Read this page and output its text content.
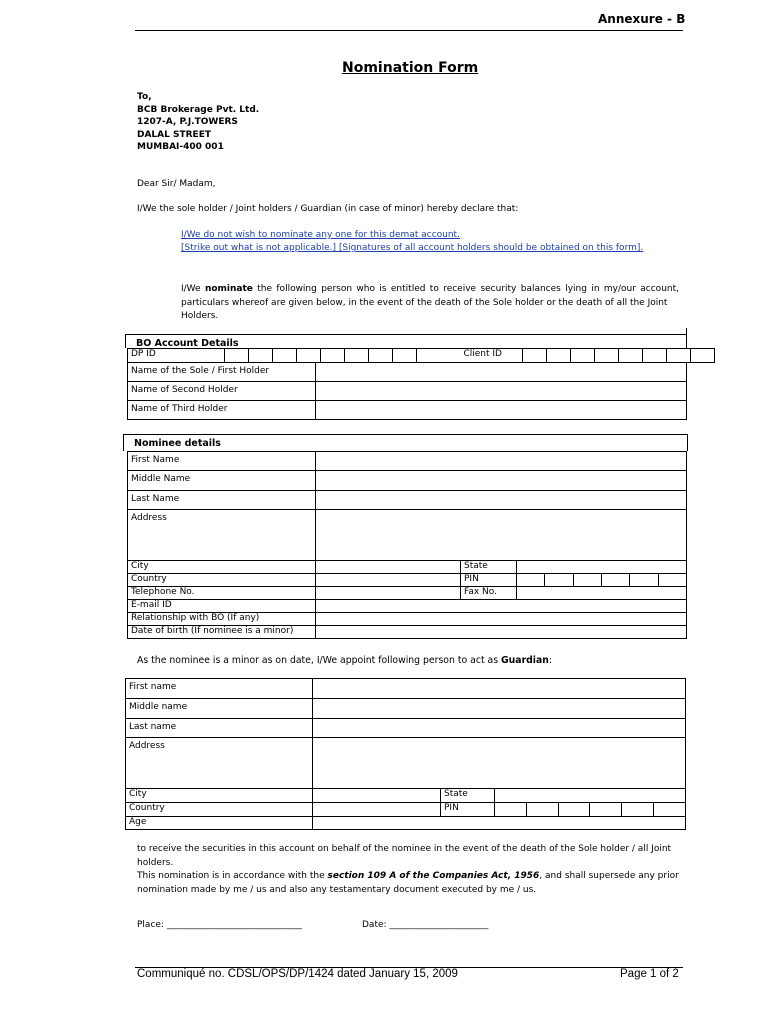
Annexure - B
Nomination Form
To,
BCB Brokerage Pvt. Ltd.
1207-A, P.J.TOWERS
DALAL STREET
MUMBAI-400 001
Dear Sir/ Madam,
I/We the sole holder / Joint holders / Guardian (in case of minor) hereby declare that:
I/We do not wish to nominate any one for this demat account.
[Strike out what is not applicable.] [Signatures of all account holders should be obtained on this form].
I/We nominate the following person who is entitled to receive security balances lying in my/our account,
particulars whereof are given below, in the event of the death of the Sole holder or the death of all the Joint
Holders.
BO Account Details
DP ID									Client ID								
Name of the Sole / First Holder	
Name of Second Holder	
Name of Third Holder	
Nominee details
First Name	
Middle Name	
Last Name	
Address	
City		State						
Country		PIN						
Telephone No.		Fax No.						
E-mail ID								
Relationship with BO (If any)								
Date of birth (If nominee is a minor)								
As the nominee is a minor as on date, I/We appoint following person to act as Guardian:
First name	
Middle name	
Last name	
Address	
City		State						
Country		PIN						
Age								
to receive the securities in this account on behalf of the nominee in the event of the death of the Sole holder / all Joint
holders.
This nomination is in accordance with the section 109 A of the Companies Act, 1956, and shall supersede any prior
nomination made by me / us and also any testamentary document executed by me / us.
Place: ______________________________	Date: ______________________
Communiqué no. CDSL/OPS/DP/1424 dated January 15, 2009	Page 1 of 2
